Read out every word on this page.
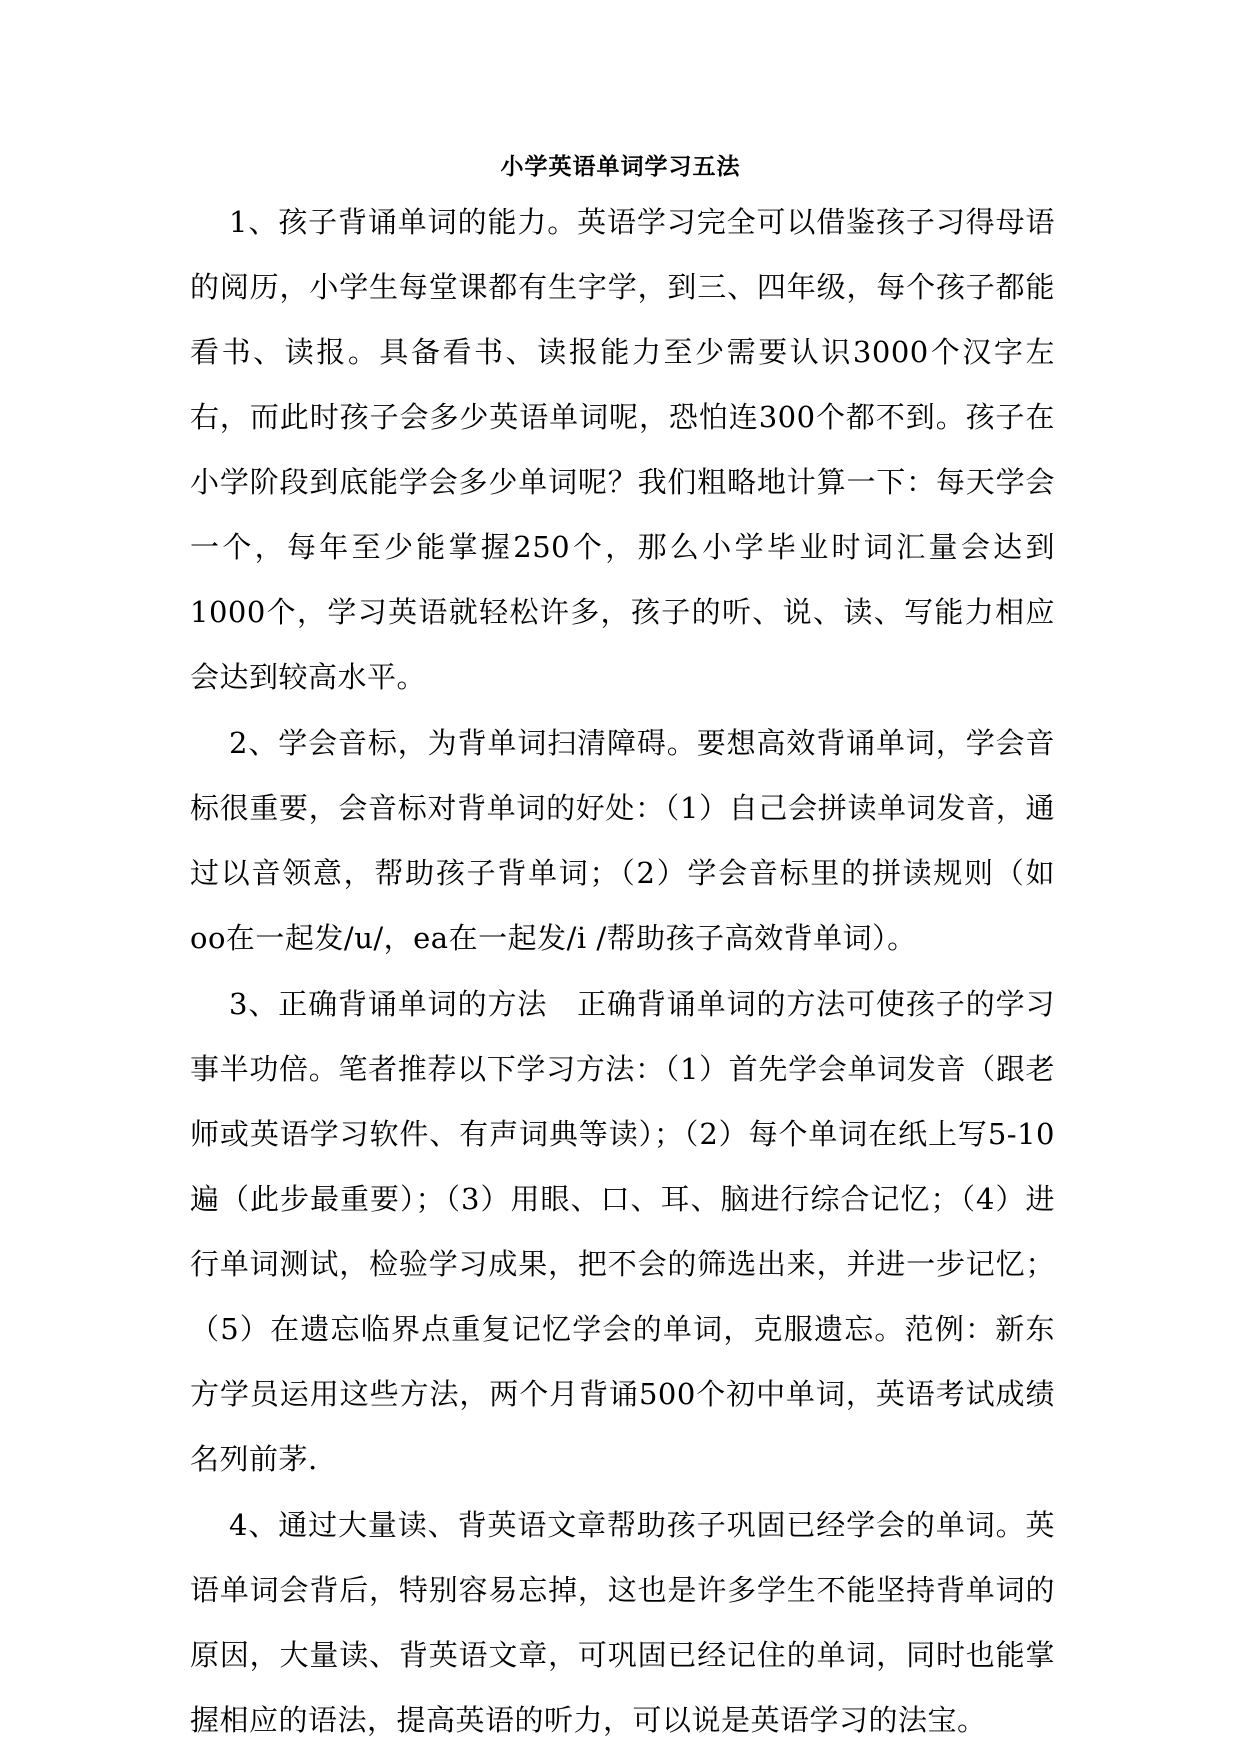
小学英语单词学习五法

1、孩子背诵单词的能力。英语学习完全可以借鉴孩子习得母语的阅历，小学生每堂课都有生字学，到三、四年级，每个孩子都能看书、读报。具备看书、读报能力至少需要认识3000个汉字左右，而此时孩子会多少英语单词呢，恐怕连300个都不到。孩子在小学阶段到底能学会多少单词呢？我们粗略地计算一下：每天学会一个，每年至少能掌握250个，那么小学毕业时词汇量会达到1000个，学习英语就轻松许多，孩子的听、说、读、写能力相应会达到较高水平。

2、学会音标，为背单词扫清障碍。要想高效背诵单词，学会音标很重要，会音标对背单词的好处：（1）自己会拼读单词发音，通过以音领意，帮助孩子背单词；（2）学会音标里的拼读规则（如oo在一起发/u/，ea在一起发/i /帮助孩子高效背单词）。

3、正确背诵单词的方法　正确背诵单词的方法可使孩子的学习事半功倍。笔者推荐以下学习方法：（1）首先学会单词发音（跟老师或英语学习软件、有声词典等读）；（2）每个单词在纸上写5-10遍（此步最重要）；（3）用眼、口、耳、脑进行综合记忆；（4）进行单词测试，检验学习成果，把不会的筛选出来，并进一步记忆；（5）在遗忘临界点重复记忆学会的单词，克服遗忘。范例：新东方学员运用这些方法，两个月背诵500个初中单词，英语考试成绩名列前茅.

4、通过大量读、背英语文章帮助孩子巩固已经学会的单词。英语单词会背后，特别容易忘掉，这也是许多学生不能坚持背单词的原因，大量读、背英语文章，可巩固已经记住的单词，同时也能掌握相应的语法，提高英语的听力，可以说是英语学习的法宝。
